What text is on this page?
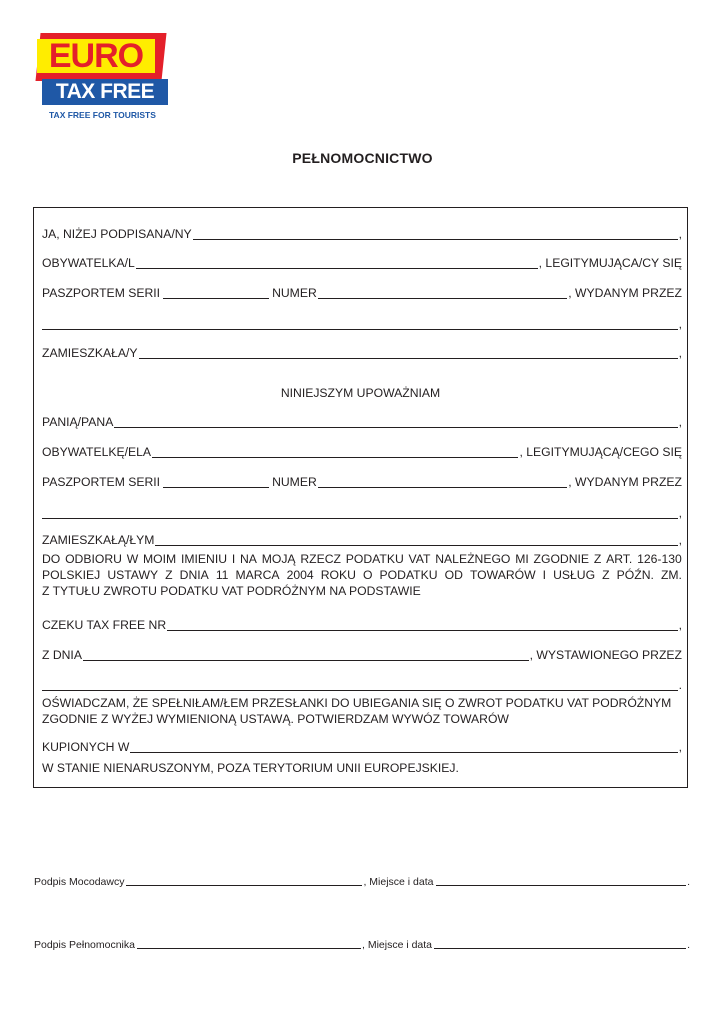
EURO
TAX FREE
TAX FREE FOR TOURISTS
PEŁNOMOCNICTWO
JA, NIŻEJ PODPISANA/NY	,
OBYWATELKA/L	, LEGITYMUJĄCA/CY SIĘ
PASZPORTEM SERII	NUMER	, WYDANYM PRZEZ
,
ZAMIESZKAŁA/Y	,
NINIEJSZYM UPOWAŻNIAM
PANIĄ/PANA	,
OBYWATELKĘ/ELA	, LEGITYMUJĄCĄ/CEGO SIĘ
PASZPORTEM SERII	NUMER	, WYDANYM PRZEZ
,
ZAMIESZKAŁĄ/ŁYM	,
DO ODBIORU W MOIM IMIENIU I NA MOJĄ RZECZ PODATKU VAT NALEŻNEGO MI ZGODNIE Z ART. 126-130
POLSKIEJ USTAWY Z DNIA 11 MARCA 2004 ROKU O PODATKU OD TOWARÓW I USŁUG Z PÓŹN. ZM.
Z TYTUŁU ZWROTU PODATKU VAT PODRÓŻNYM NA PODSTAWIE
CZEKU TAX FREE NR	,
Z DNIA	, WYSTAWIONEGO PRZEZ
.
OŚWIADCZAM, ŻE SPEŁNIŁAM/ŁEM PRZESŁANKI DO UBIEGANIA SIĘ O ZWROT PODATKU VAT PODRÓŻNYM
ZGODNIE Z WYŻEJ WYMIENIONĄ USTAWĄ. POTWIERDZAM WYWÓZ TOWARÓW
KUPIONYCH W	,
W STANIE NIENARUSZONYM, POZA TERYTORIUM UNII EUROPEJSKIEJ.
Podpis Mocodawcy	, Miejsce i data	.
Podpis Pełnomocnika	, Miejsce i data	.
